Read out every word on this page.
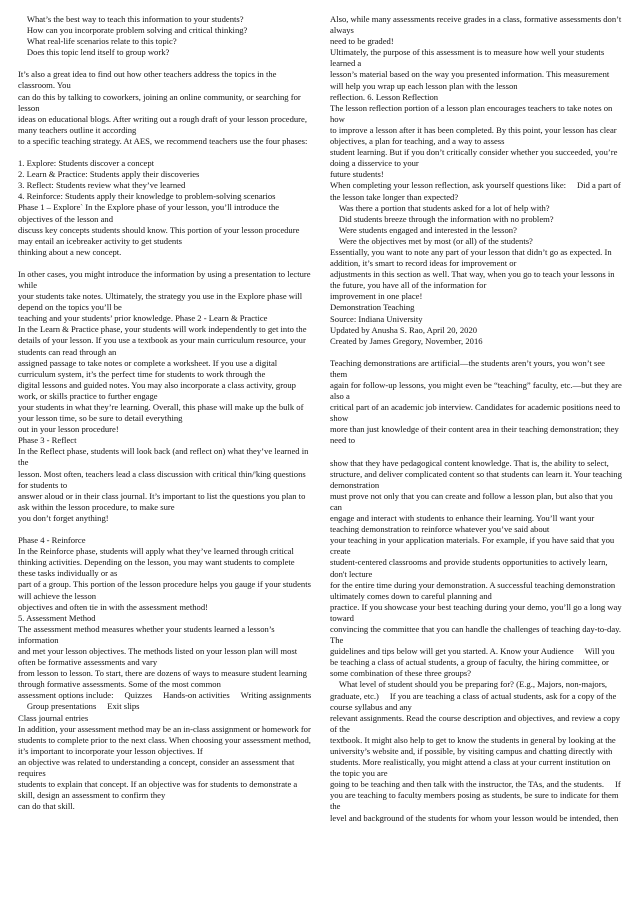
What’s the best way to teach this information to your students?
How can you incorporate problem solving and critical thinking?
What real-life scenarios relate to this topic?
Does this topic lend itself to group work?
It’s also a great idea to find out how other teachers address the topics in the classroom. You
can do this by talking to coworkers, joining an online community, or searching for lesson
ideas on educational blogs. After writing out a rough draft of your lesson procedure, many teachers outline it according
to a specific teaching strategy. At AES, we recommend teachers use the four phases:
1. Explore: Students discover a concept
2. Learn & Practice: Students apply their discoveries
3. Reflect: Students review what they’ve learned
4. Reinforce: Students apply their knowledge to problem-solving scenarios
Phase 1 – Explore` In the Explore phase of your lesson, you’ll introduce the objectives of the lesson and
discuss key concepts students should know. This portion of your lesson procedure may entail an icebreaker activity to get students
thinking about a new concept.
In other cases, you might introduce the information by using a presentation to lecture while
your students take notes. Ultimately, the strategy you use in the Explore phase will depend on the topics you’ll be
teaching and your students’ prior knowledge. Phase 2 - Learn & Practice
In the Learn & Practice phase, your students will work independently to get into the
details of your lesson. If you use a textbook as your main curriculum resource, your students can read through an
assigned passage to take notes or complete a worksheet. If you use a digital curriculum system, it’s the perfect time for students to work through the
digital lessons and guided notes. You may also incorporate a class activity, group work, or skills practice to further engage
your students in what they’re learning. Overall, this phase will make up the bulk of your lesson time, so be sure to detail everything
out in your lesson procedure!
Phase 3 - Reflect
In the Reflect phase, students will look back (and reflect on) what they’ve learned in the
lesson. Most often, teachers lead a class discussion with critical thin/'king questions for students to
answer aloud or in their class journal. It’s important to list the questions you plan to ask within the lesson procedure, to make sure
you don’t forget anything!
Phase 4 - Reinforce
In the Reinforce phase, students will apply what they’ve learned through critical
thinking activities. Depending on the lesson, you may want students to complete these tasks individually or as
part of a group. This portion of the lesson procedure helps you gauge if your students will achieve the lesson
objectives and often tie in with the assessment method!
5. Assessment Method
The assessment method measures whether your students learned a lesson’s information
and met your lesson objectives. The methods listed on your lesson plan will most often be formative assessments and vary
from lesson to lesson. To start, there are dozens of ways to measure student learning through formative assessments. Some of the most common
assessment options include: Quizzes Hands-on activities Writing assignments Group presentations Exit slips
Class journal entries
In addition, your assessment method may be an in-class assignment or homework for
students to complete prior to the next class. When choosing your assessment method, it’s important to incorporate your lesson objectives. If
an objective was related to understanding a concept, consider an assessment that requires
students to explain that concept. If an objective was for students to demonstrate a skill, design an assessment to confirm they
can do that skill.
Also, while many assessments receive grades in a class, formative assessments don’t always
need to be graded!
Ultimately, the purpose of this assessment is to measure how well your students learned a
lesson’s material based on the way you presented information. This measurement will help you wrap up each lesson plan with the lesson
reflection. 6. Lesson Reflection
The lesson reflection portion of a lesson plan encourages teachers to take notes on how
to improve a lesson after it has been completed. By this point, your lesson has clear objectives, a plan for teaching, and a way to assess
student learning. But if you don’t critically consider whether you succeeded, you’re doing a disservice to your
future students!
When completing your lesson reflection, ask yourself questions like: Did a part of the lesson take longer than expected?
Was there a portion that students asked for a lot of help with?
Did students breeze through the information with no problem?
Were students engaged and interested in the lesson?
Were the objectives met by most (or all) of the students?
Essentially, you want to note any part of your lesson that didn’t go as expected. In addition, it’s smart to record ideas for improvement or
adjustments in this section as well. That way, when you go to teach your lessons in the future, you have all of the information for
improvement in one place!
Demonstration Teaching
Source: Indiana University
Updated by Anusha S. Rao, April 20, 2020
Created by James Gregory, November, 2016
Teaching demonstrations are artificial—the students aren’t yours, you won’t see them
again for follow-up lessons, you might even be “teaching” faculty, etc.—but they are also a
critical part of an academic job interview. Candidates for academic positions need to show
more than just knowledge of their content area in their teaching demonstration; they need to
show that they have pedagogical content knowledge. That is, the ability to select, structure, and deliver complicated content so that students can learn it. Your teaching demonstration
must prove not only that you can create and follow a lesson plan, but also that you can
engage and interact with students to enhance their learning. You’ll want your teaching demonstration to reinforce whatever you’ve said about
your teaching in your application materials. For example, if you have said that you create
student-centered classrooms and provide students opportunities to actively learn, don't lecture
for the entire time during your demonstration. A successful teaching demonstration ultimately comes down to careful planning and
practice. If you showcase your best teaching during your demo, you’ll go a long way toward
convincing the committee that you can handle the challenges of teaching day-to-day. The
guidelines and tips below will get you started. A. Know your Audience Will you be teaching a class of actual students, a group of faculty, the hiring committee, or
some combination of these three groups?
What level of student should you be preparing for? (E.g., Majors, non-majors, graduate, etc.) If you are teaching a class of actual students, ask for a copy of the course syllabus and any
relevant assignments. Read the course description and objectives, and review a copy of the
textbook. It might also help to get to know the students in general by looking at the
university’s website and, if possible, by visiting campus and chatting directly with students. More realistically, you might attend a class at your current institution on the topic you are
going to be teaching and then talk with the instructor, the TAs, and the students. If you are teaching to faculty members posing as students, be sure to indicate for them the
level and background of the students for whom your lesson would be intended, then
